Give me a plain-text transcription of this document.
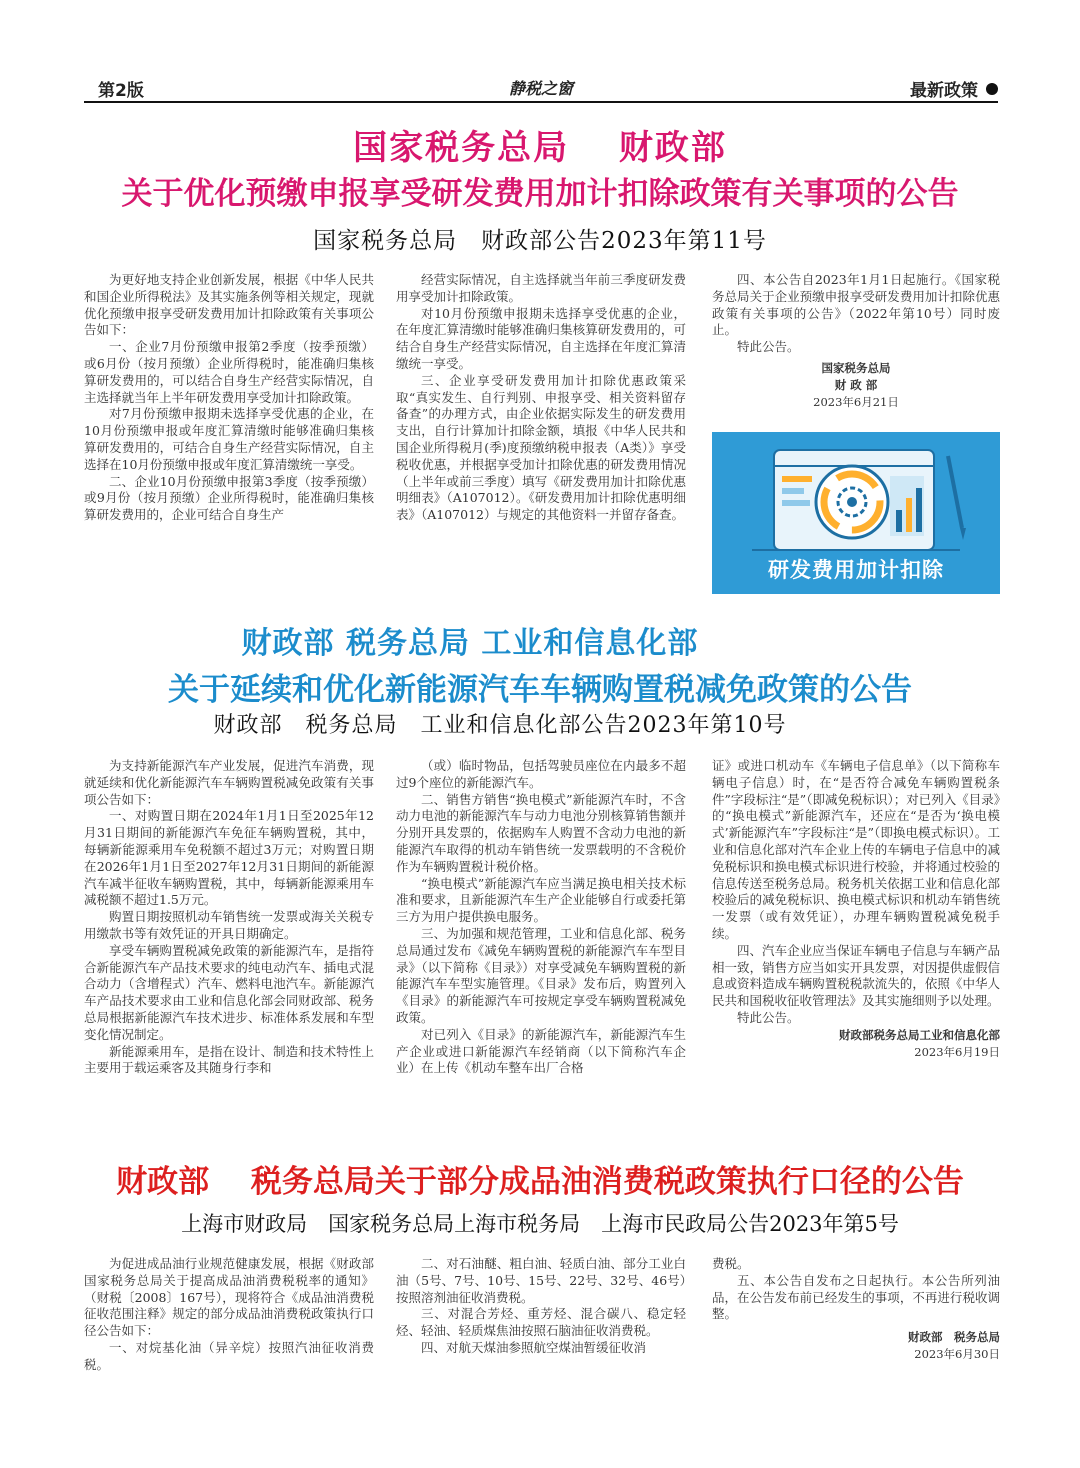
第2版	静税之窗	最新政策
国家税务总局　 财政部
关于优化预缴申报享受研发费用加计扣除政策有关事项的公告
国家税务总局　财政部公告2023年第11号

为更好地支持企业创新发展，根据《中华人民共和国企业所得税法》及其实施条例等相关规定，现就优化预缴申报享受研发费用加计扣除政策有关事项公告如下：

一、企业7月份预缴申报第2季度（按季预缴）或6月份（按月预缴）企业所得税时，能准确归集核算研发费用的，可以结合自身生产经营实际情况，自主选择就当年上半年研发费用享受加计扣除政策。

对7月份预缴申报期未选择享受优惠的企业，在10月份预缴申报或年度汇算清缴时能够准确归集核算研发费用的，可结合自身生产经营实际情况，自主选择在10月份预缴申报或年度汇算清缴统一享受。

二、企业10月份预缴申报第3季度（按季预缴）或9月份（按月预缴）企业所得税时，能准确归集核算研发费用的，企业可结合自身生产

经营实际情况，自主选择就当年前三季度研发费用享受加计扣除政策。

对10月份预缴申报期未选择享受优惠的企业，在年度汇算清缴时能够准确归集核算研发费用的，可结合自身生产经营实际情况，自主选择在年度汇算清缴统一享受。

三、企业享受研发费用加计扣除优惠政策采取“真实发生、自行判别、申报享受、相关资料留存备查”的办理方式，由企业依据实际发生的研发费用支出，自行计算加计扣除金额，填报《中华人民共和国企业所得税月(季)度预缴纳税申报表（A类）》享受税收优惠，并根据享受加计扣除优惠的研发费用情况（上半年或前三季度）填写《研发费用加计扣除优惠明细表》（A107012）。《研发费用加计扣除优惠明细表》（A107012）与规定的其他资料一并留存备查。

四、本公告自2023年1月1日起施行。《国家税务总局关于企业预缴申报享受研发费用加计扣除优惠政策有关事项的公告》（2022年第10号）同时废止。

特此公告。

国家税务总局

财 政 部

2023年6月21日

研发费用加计扣除
财政部 税务总局 工业和信息化部
关于延续和优化新能源汽车车辆购置税减免政策的公告
财政部　税务总局　工业和信息化部公告2023年第10号

为支持新能源汽车产业发展，促进汽车消费，现就延续和优化新能源汽车车辆购置税减免政策有关事项公告如下：

一、对购置日期在2024年1月1日至2025年12月31日期间的新能源汽车免征车辆购置税，其中，每辆新能源乘用车免税额不超过3万元；对购置日期在2026年1月1日至2027年12月31日期间的新能源汽车减半征收车辆购置税，其中，每辆新能源乘用车减税额不超过1.5万元。

购置日期按照机动车销售统一发票或海关关税专用缴款书等有效凭证的开具日期确定。

享受车辆购置税减免政策的新能源汽车，是指符合新能源汽车产品技术要求的纯电动汽车、插电式混合动力（含增程式）汽车、燃料电池汽车。新能源汽车产品技术要求由工业和信息化部会同财政部、税务总局根据新能源汽车技术进步、标准体系发展和车型变化情况制定。

新能源乘用车，是指在设计、制造和技术特性上主要用于载运乘客及其随身行李和

（或）临时物品，包括驾驶员座位在内最多不超过9个座位的新能源汽车。

二、销售方销售“换电模式”新能源汽车时，不含动力电池的新能源汽车与动力电池分别核算销售额并分别开具发票的，依据购车人购置不含动力电池的新能源汽车取得的机动车销售统一发票载明的不含税价作为车辆购置税计税价格。

“换电模式”新能源汽车应当满足换电相关技术标准和要求，且新能源汽车生产企业能够自行或委托第三方为用户提供换电服务。

三、为加强和规范管理，工业和信息化部、税务总局通过发布《减免车辆购置税的新能源汽车车型目录》（以下简称《目录》）对享受减免车辆购置税的新能源汽车车型实施管理。《目录》发布后，购置列入《目录》的新能源汽车可按规定享受车辆购置税减免政策。

对已列入《目录》的新能源汽车，新能源汽车生产企业或进口新能源汽车经销商（以下简称汽车企业）在上传《机动车整车出厂合格

证》或进口机动车《车辆电子信息单》（以下简称车辆电子信息）时，在“是否符合减免车辆购置税条件”字段标注“是”（即减免税标识）；对已列入《目录》的“换电模式”新能源汽车，还应在“是否为‘换电模式’新能源汽车”字段标注“是”（即换电模式标识）。工业和信息化部对汽车企业上传的车辆电子信息中的减免税标识和换电模式标识进行校验，并将通过校验的信息传送至税务总局。税务机关依据工业和信息化部校验后的减免税标识、换电模式标识和机动车销售统一发票（或有效凭证），办理车辆购置税减免税手续。

四、汽车企业应当保证车辆电子信息与车辆产品相一致，销售方应当如实开具发票，对因提供虚假信息或资料造成车辆购置税税款流失的，依照《中华人民共和国税收征收管理法》及其实施细则予以处理。

特此公告。

财政部税务总局工业和信息化部

2023年6月19日

财政部　 税务总局关于部分成品油消费税政策执行口径的公告
上海市财政局　国家税务总局上海市税务局　上海市民政局公告2023年第5号

为促进成品油行业规范健康发展，根据《财政部 国家税务总局关于提高成品油消费税税率的通知》（财税〔2008〕167号），现将符合《成品油消费税征收范围注释》规定的部分成品油消费税政策执行口径公告如下：

一、对烷基化油（异辛烷）按照汽油征收消费税。

二、对石油醚、粗白油、轻质白油、部分工业白油（5号、7号、10号、15号、22号、32号、46号）按照溶剂油征收消费税。

三、对混合芳烃、重芳烃、混合碳八、稳定轻烃、轻油、轻质煤焦油按照石脑油征收消费税。

四、对航天煤油参照航空煤油暂缓征收消

费税。

五、本公告自发布之日起执行。本公告所列油品，在公告发布前已经发生的事项，不再进行税收调整。

财政部　税务总局

2023年6月30日
